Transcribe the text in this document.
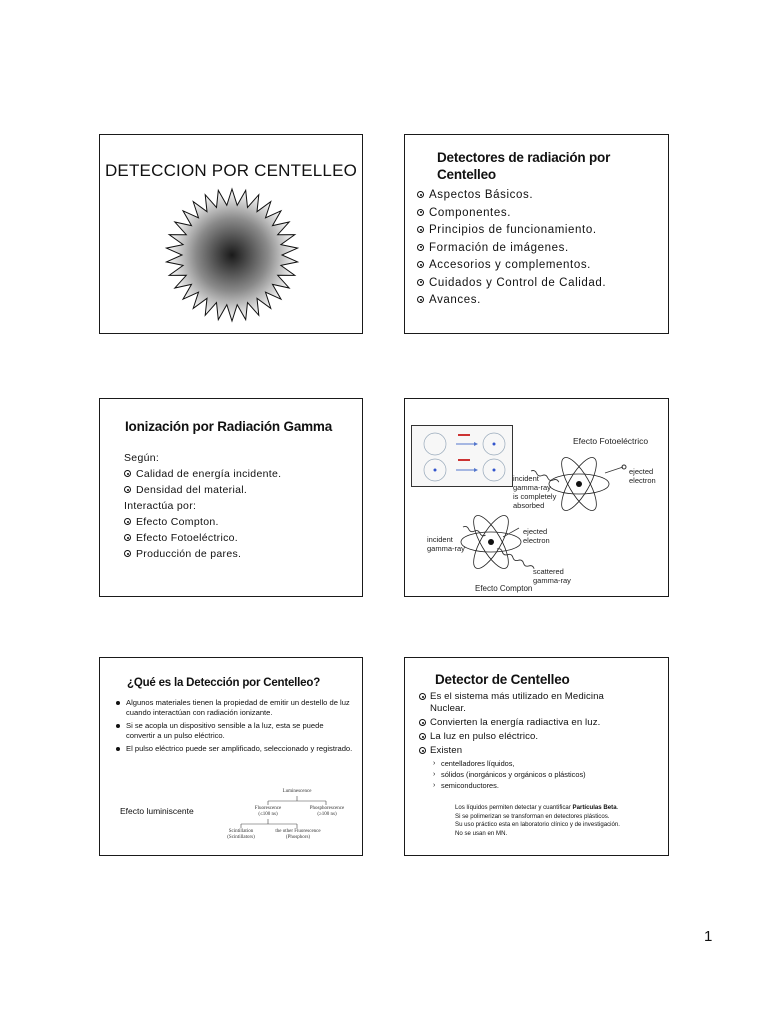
DETECCION POR CENTELLEO
Detectores de radiación por
Centelleo
Aspectos Básicos.
Componentes.
Principios de funcionamiento.
Formación de imágenes.
Accesorios y complementos.
Cuidados y Control de Calidad.
Avances.
Ionización por Radiación Gamma
Según:
Calidad de energía incidente.
Densidad del material.
Interactúa por:
Efecto Compton.
Efecto Fotoeléctrico.
Producción de pares.
Efecto Fotoeléctrico
ejected
electron
incident
gamma-ray
is completely
absorbed
incident
gamma-ray
ejected
electron
scattered
gamma-ray
Efecto Compton
¿Qué es la Detección por Centelleo?
Algunos materiales tienen la propiedad de emitir un destello de luz cuando interactúan con radiación ionizante.
Si se acopla un dispositivo sensible a la luz, esta se puede convertir a un pulso eléctrico.
El pulso eléctrico puede ser amplificado, seleccionado y registrado.
Efecto luminiscente
Luminescence
Fluorescence
(≤100 ns)
Phosphorescence
(≥100 ns)
Scintillation
(Scintillators)
the other Fluorescence
(Phosphors)
Detector de Centelleo
Es el sistema más utilizado en Medicina
Nuclear.
Convierten la energía radiactiva en luz.
La luz en pulso eléctrico.
Existen
› centelladores líquidos,
› sólidos (inorgánicos y orgánicos o plásticos)
› semiconductores.
Los líquidos permiten detectar y cuantificar Partículas Beta.
Si se polimerizan se transforman en detectores plásticos.
Su uso práctico esta en laboratorio clínico y de investigación.
No se usan en MN.
1
